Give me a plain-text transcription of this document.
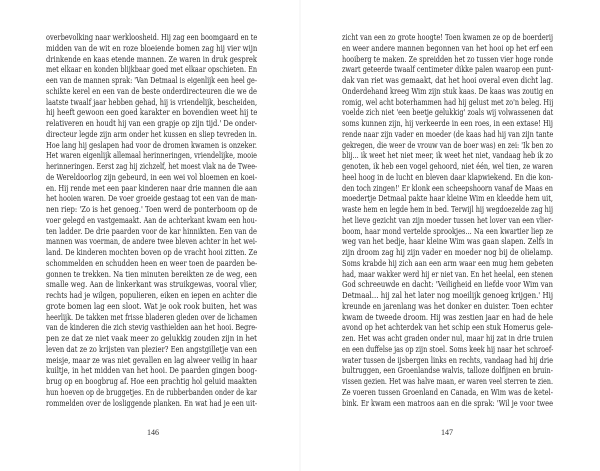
overbevolking naar werkloosheid. Hij zag een boomgaard en te
midden van de wit en roze bloeiende bomen zag hij vier wijn
drinkende en kaas etende mannen. Ze waren in druk gesprek
met elkaar en konden blijkbaar goed met elkaar opschieten. En
een van de mannen sprak: 'Van Detmaal is eigenlijk een heel ge-
schikte kerel en een van de beste onderdirecteuren die we de
laatste twaalf jaar hebben gehad, hij is vriendelijk, bescheiden,
hij heeft gewoon een goed karakter en bovendien weet hij te
relativeren en houdt hij van een grapje op zijn tijd.' De onder-
directeur legde zijn arm onder het kussen en sliep tevreden in.
Hoe lang hij geslapen had voor de dromen kwamen is onzeker.
Het waren eigenlijk allemaal herinneringen, vriendelijke, mooie
herinneringen. Eerst zag hij zichzelf, het moest vlak na de Twee-
de Wereldoorlog zijn gebeurd, in een wei vol bloemen en koei-
en. Hij rende met een paar kinderen naar drie mannen die aan
het hooien waren. De voer groeide gestaag tot een van de man-
nen riep: 'Zo is het genoeg.' Toen werd de ponterboom op de
voer gelegd en vastgemaakt. Aan de achterkant kwam een hou-
ten ladder. De drie paarden voor de kar hinnikten. Een van de
mannen was voerman, de andere twee bleven achter in het wei-
land. De kinderen mochten boven op de vracht hooi zitten. Ze
schommelden en schudden heen en weer toen de paarden be-
gonnen te trekken. Na tien minuten bereikten ze de weg, een
smalle weg. Aan de linkerkant was struikgewas, vooral vlier,
rechts had je wilgen, populieren, eiken en iepen en achter die
grote bomen lag een sloot. Wat je ook rook buiten, het was
heerlijk. De takken met frisse bladeren gleden over de lichamen
van de kinderen die zich stevig vasthielden aan het hooi. Begre-
pen ze dat ze niet vaak meer zo gelukkig zouden zijn in het
leven dat ze zo krijsten van plezier? Een angstgilletje van een
meisje, maar ze was niet gevallen en lag alweer veilig in haar
kuiltje, in het midden van het hooi. De paarden gingen boog-
brug op en boogbrug af. Hoe een prachtig hol geluid maakten
hun hoeven op de bruggetjes. En de rubberbanden onder de kar
rommelden over de losliggende planken. En wat had je een uit-
146
zicht van een zo grote hoogte! Toen kwamen ze op de boerderij
en weer andere mannen begonnen van het hooi op het erf een
hooiberg te maken. Ze spreidden het zo tussen vier hoge ronde
zwart geteerde twaalf centimeter dikke palen waarop een punt-
dak van riet was gemaakt, dat het hooi overal even dicht lag.
Onderdehand kreeg Wim zijn stuk kaas. De kaas was zoutig en
romig, wel acht boterhammen had hij gelust met zo'n beleg. Hij
voelde zich niet 'een beetje gelukkig' zoals wij volwassenen dat
soms kunnen zijn, hij verkeerde in een roes, in een extase! Hij
rende naar zijn vader en moeder (de kaas had hij van zijn tante
gekregen, die weer de vrouw van de boer was) en zei: 'Ik ben zo
blij... ik weet het niet meer, ik weet het niet, vandaag heb ik zo
genoten, ik heb een vogel gehoord, niet één, wel tien, ze waren
heel hoog in de lucht en bleven daar klapwiekend. En die kon-
den toch zingen!' Er klonk een scheepshoorn vanaf de Maas en
moedertje Detmaal pakte haar kleine Wim en kleedde hem uit,
waste hem en legde hem in bed. Terwijl hij wegdoezelde zag hij
het lieve gezicht van zijn moeder tussen het lover van een vlier-
boom, haar mond vertelde sprookjes... Na een kwartier liep ze
weg van het bedje, haar kleine Wim was gaan slapen. Zelfs in
zijn droom zag hij zijn vader en moeder nog bij de olielamp.
Soms krabde hij zich aan een arm waar een mug hem gebeten
had, maar wakker werd hij er niet van. En het heelal, een stenen
God schreeuwde en dacht: 'Veiligheid en liefde voor Wim van
Detmaal... hij zal het later nog moeilijk genoeg krijgen.' Hij
kreunde en jarenlang was het donker en duister. Toen echter
kwam de tweede droom. Hij was zestien jaar en had de hele
avond op het achterdek van het schip een stuk Homerus gele-
zen. Het was acht graden onder nul, maar hij zat in drie truien
en een duffelse jas op zijn stoel. Soms keek hij naar het schroef-
water tussen de ijsbergen links en rechts, vandaag had hij drie
bultruggen, een Groenlandse walvis, talloze dolfijnen en bruin-
vissen gezien. Het was halve maan, er waren veel sterren te zien.
Ze voeren tussen Groenland en Canada, en Wim was de ketel-
bink. Er kwam een matroos aan en die sprak: 'Wil je voor twee
147
